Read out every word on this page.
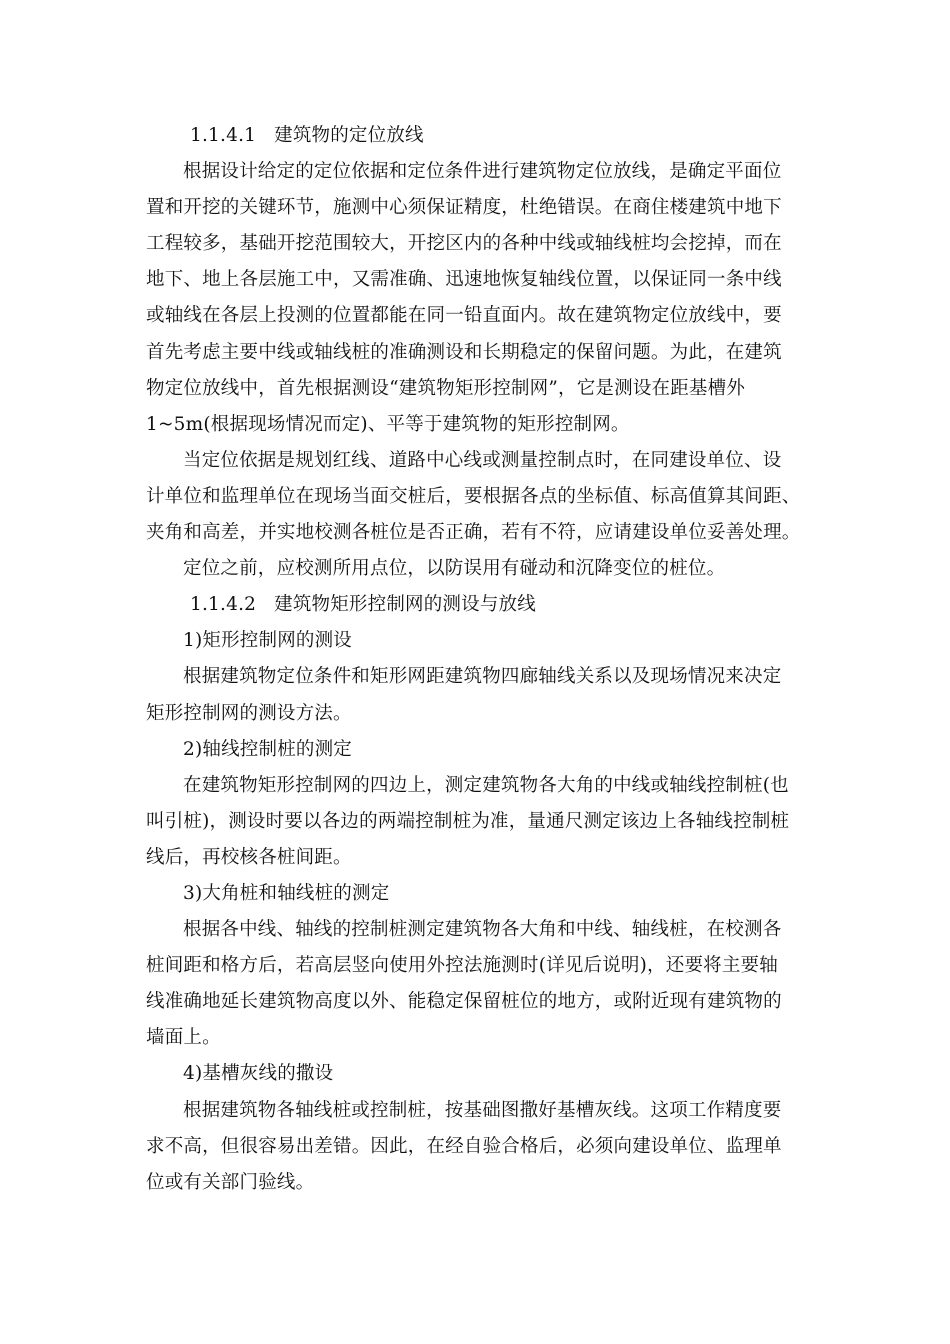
1.1.4.1 建筑物的定位放线
根据设计给定的定位依据和定位条件进行建筑物定位放线，是确定平面位
置和开挖的关键环节，施测中心须保证精度，杜绝错误。在商住楼建筑中地下
工程较多，基础开挖范围较大，开挖区内的各种中线或轴线桩均会挖掉，而在
地下、地上各层施工中，又需准确、迅速地恢复轴线位置，以保证同一条中线
或轴线在各层上投测的位置都能在同一铅直面内。故在建筑物定位放线中，要
首先考虑主要中线或轴线桩的准确测设和长期稳定的保留问题。为此，在建筑
物定位放线中，首先根据测设“建筑物矩形控制网”，它是测设在距基槽外
1~5m(根据现场情况而定)、平等于建筑物的矩形控制网。
当定位依据是规划红线、道路中心线或测量控制点时，在同建设单位、设
计单位和监理单位在现场当面交桩后，要根据各点的坐标值、标高值算其间距、
夹角和高差，并实地校测各桩位是否正确，若有不符，应请建设单位妥善处理。
定位之前，应校测所用点位，以防误用有碰动和沉降变位的桩位。
1.1.4.2 建筑物矩形控制网的测设与放线
1)矩形控制网的测设
根据建筑物定位条件和矩形网距建筑物四廊轴线关系以及现场情况来决定
矩形控制网的测设方法。
2)轴线控制桩的测定
在建筑物矩形控制网的四边上，测定建筑物各大角的中线或轴线控制桩(也
叫引桩)，测设时要以各边的两端控制桩为准，量通尺测定该边上各轴线控制桩
线后，再校核各桩间距。
3)大角桩和轴线桩的测定
根据各中线、轴线的控制桩测定建筑物各大角和中线、轴线桩，在校测各
桩间距和格方后，若高层竖向使用外控法施测时(详见后说明)，还要将主要轴
线准确地延长建筑物高度以外、能稳定保留桩位的地方，或附近现有建筑物的
墙面上。
4)基槽灰线的撒设
根据建筑物各轴线桩或控制桩，按基础图撒好基槽灰线。这项工作精度要
求不高，但很容易出差错。因此，在经自验合格后，必须向建设单位、监理单
位或有关部门验线。
